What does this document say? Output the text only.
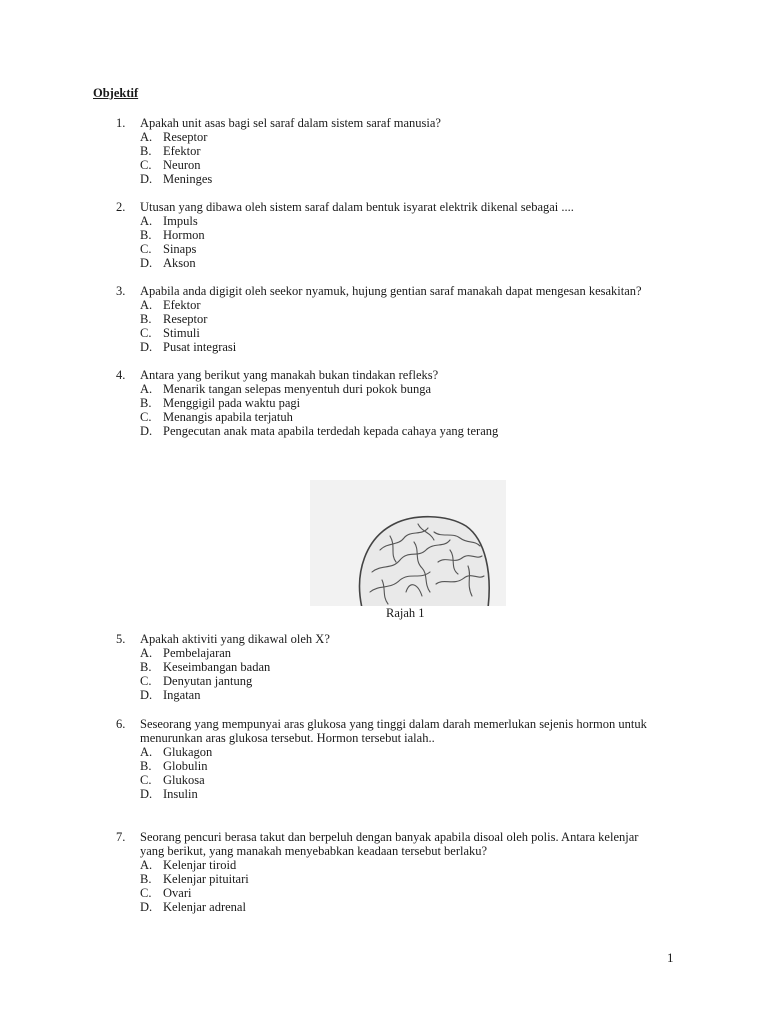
Objektif
1. Apakah unit asas bagi sel saraf dalam sistem saraf manusia?
A. Reseptor
B. Efektor
C. Neuron
D. Meninges
2. Utusan yang dibawa oleh sistem saraf dalam bentuk isyarat elektrik dikenal sebagai ....
A. Impuls
B. Hormon
C. Sinaps
D. Akson
3. Apabila anda digigit oleh seekor nyamuk, hujung gentian saraf manakah dapat mengesan kesakitan?
A. Efektor
B. Reseptor
C. Stimuli
D. Pusat integrasi
4. Antara yang berikut yang manakah bukan tindakan refleks?
A. Menarik tangan selepas menyentuh duri pokok bunga
B. Menggigil pada waktu pagi
C. Menangis apabila terjatuh
D. Pengecutan anak mata apabila terdedah kepada cahaya yang terang
Rajah 1
5. Apakah aktiviti yang dikawal oleh X?
A. Pembelajaran
B. Keseimbangan badan
C. Denyutan jantung
D. Ingatan
6. Seseorang yang mempunyai aras glukosa yang tinggi dalam darah memerlukan sejenis hormon untuk
menurunkan aras glukosa tersebut. Hormon tersebut ialah..
A. Glukagon
B. Globulin
C. Glukosa
D. Insulin
7. Seorang pencuri berasa takut dan berpeluh dengan banyak apabila disoal oleh polis. Antara kelenjar
yang berikut, yang manakah menyebabkan keadaan tersebut berlaku?
A. Kelenjar tiroid
B. Kelenjar pituitari
C. Ovari
D. Kelenjar adrenal
1
